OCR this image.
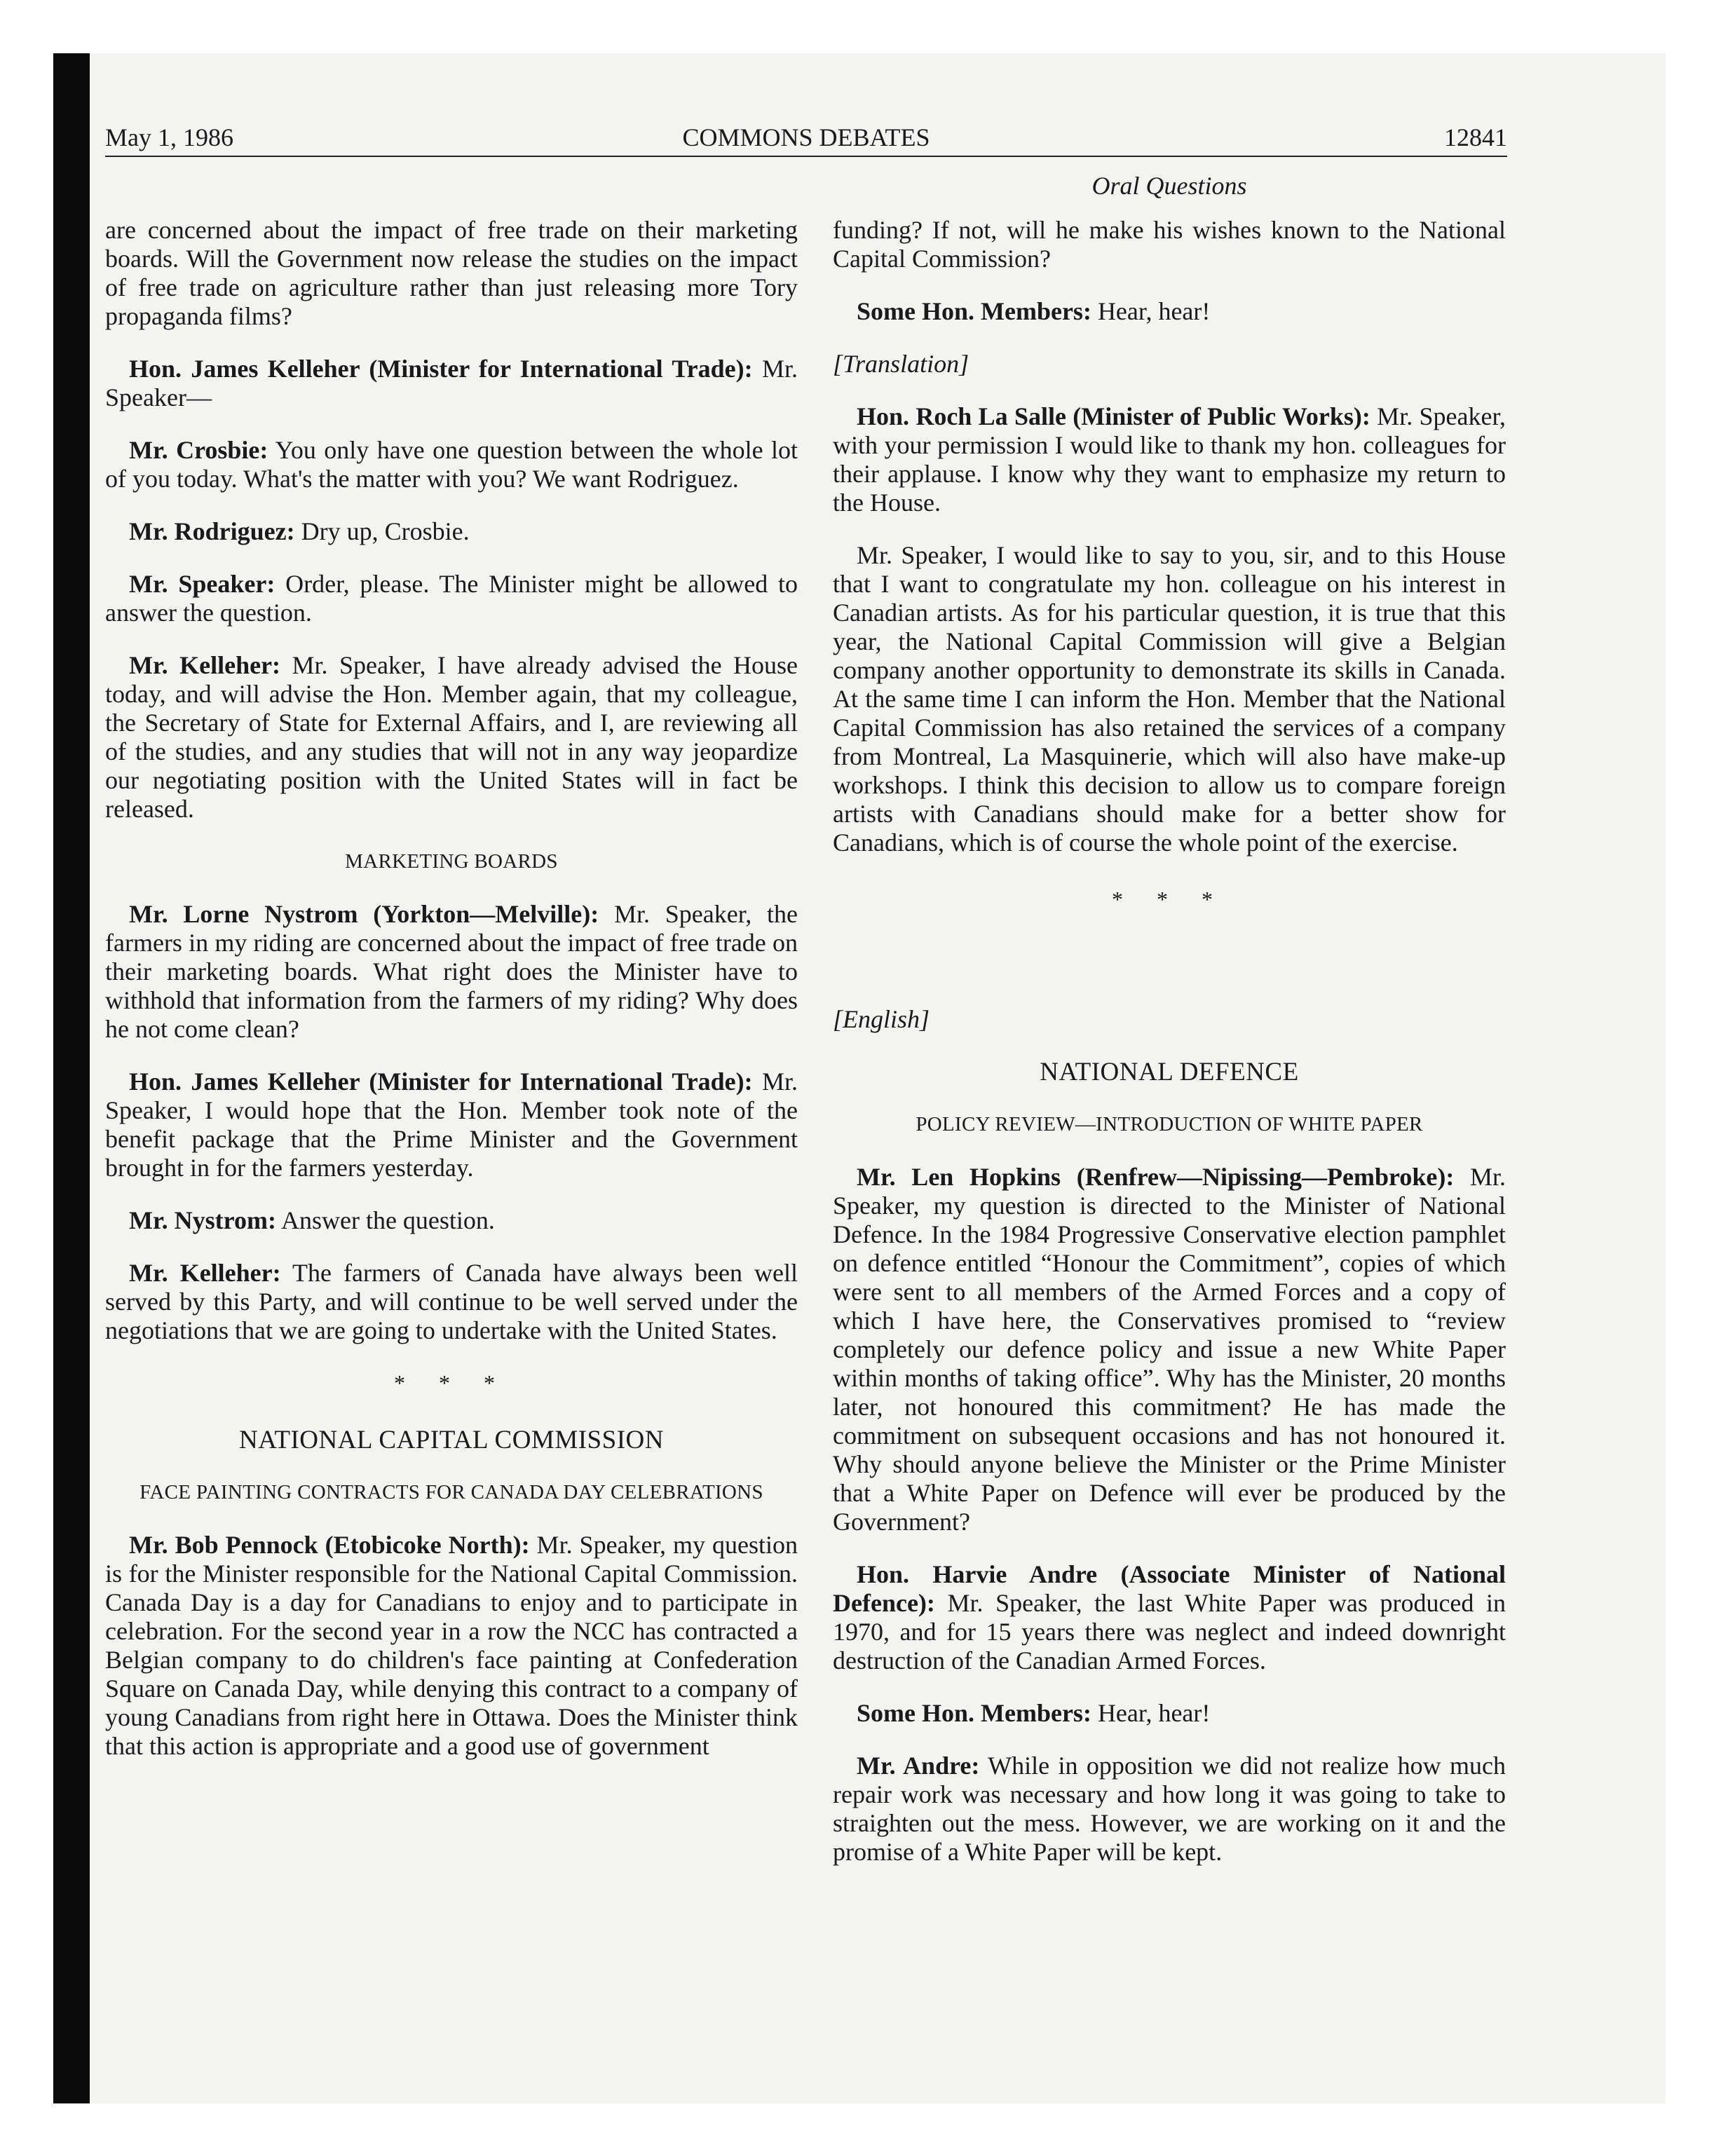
May 1, 1986	COMMONS DEBATES	12841
Oral Questions

are concerned about the impact of free trade on their marketing boards. Will the Government now release the studies on the impact of free trade on agriculture rather than just releasing more Tory propaganda films?

Hon. James Kelleher (Minister for International Trade): Mr. Speaker—

Mr. Crosbie: You only have one question between the whole lot of you today. What's the matter with you? We want Rodriguez.

Mr. Rodriguez: Dry up, Crosbie.

Mr. Speaker: Order, please. The Minister might be allowed to answer the question.

Mr. Kelleher: Mr. Speaker, I have already advised the House today, and will advise the Hon. Member again, that my colleague, the Secretary of State for External Affairs, and I, are reviewing all of the studies, and any studies that will not in any way jeopardize our negotiating position with the United States will in fact be released.

MARKETING BOARDS

Mr. Lorne Nystrom (Yorkton—Melville): Mr. Speaker, the farmers in my riding are concerned about the impact of free trade on their marketing boards. What right does the Minister have to withhold that information from the farmers of my riding? Why does he not come clean?

Hon. James Kelleher (Minister for International Trade): Mr. Speaker, I would hope that the Hon. Member took note of the benefit package that the Prime Minister and the Government brought in for the farmers yesterday.

Mr. Nystrom: Answer the question.

Mr. Kelleher: The farmers of Canada have always been well served by this Party, and will continue to be well served under the negotiations that we are going to undertake with the United States.

* * *
NATIONAL CAPITAL COMMISSION
FACE PAINTING CONTRACTS FOR CANADA DAY CELEBRATIONS

Mr. Bob Pennock (Etobicoke North): Mr. Speaker, my question is for the Minister responsible for the National Capital Commission. Canada Day is a day for Canadians to enjoy and to participate in celebration. For the second year in a row the NCC has contracted a Belgian company to do children's face painting at Confederation Square on Canada Day, while denying this contract to a company of young Canadians from right here in Ottawa. Does the Minister think that this action is appropriate and a good use of government

funding? If not, will he make his wishes known to the National Capital Commission?

Some Hon. Members: Hear, hear!

[Translation]

Hon. Roch La Salle (Minister of Public Works): Mr. Speaker, with your permission I would like to thank my hon. colleagues for their applause. I know why they want to emphasize my return to the House.

Mr. Speaker, I would like to say to you, sir, and to this House that I want to congratulate my hon. colleague on his interest in Canadian artists. As for his particular question, it is true that this year, the National Capital Commission will give a Belgian company another opportunity to demonstrate its skills in Canada. At the same time I can inform the Hon. Member that the National Capital Commission has also retained the services of a company from Montreal, La Masquinerie, which will also have make-up workshops. I think this decision to allow us to compare foreign artists with Canadians should make for a better show for Canadians, which is of course the whole point of the exercise.

* * *
[English]
NATIONAL DEFENCE
POLICY REVIEW—INTRODUCTION OF WHITE PAPER

Mr. Len Hopkins (Renfrew—Nipissing—Pembroke): Mr. Speaker, my question is directed to the Minister of National Defence. In the 1984 Progressive Conservative election pamphlet on defence entitled “Honour the Commitment”, copies of which were sent to all members of the Armed Forces and a copy of which I have here, the Conservatives promised to “review completely our defence policy and issue a new White Paper within months of taking office”. Why has the Minister, 20 months later, not honoured this commitment? He has made the commitment on subsequent occasions and has not honoured it. Why should anyone believe the Minister or the Prime Minister that a White Paper on Defence will ever be produced by the Government?

Hon. Harvie Andre (Associate Minister of National Defence): Mr. Speaker, the last White Paper was produced in 1970, and for 15 years there was neglect and indeed downright destruction of the Canadian Armed Forces.

Some Hon. Members: Hear, hear!

Mr. Andre: While in opposition we did not realize how much repair work was necessary and how long it was going to take to straighten out the mess. However, we are working on it and the promise of a White Paper will be kept.
